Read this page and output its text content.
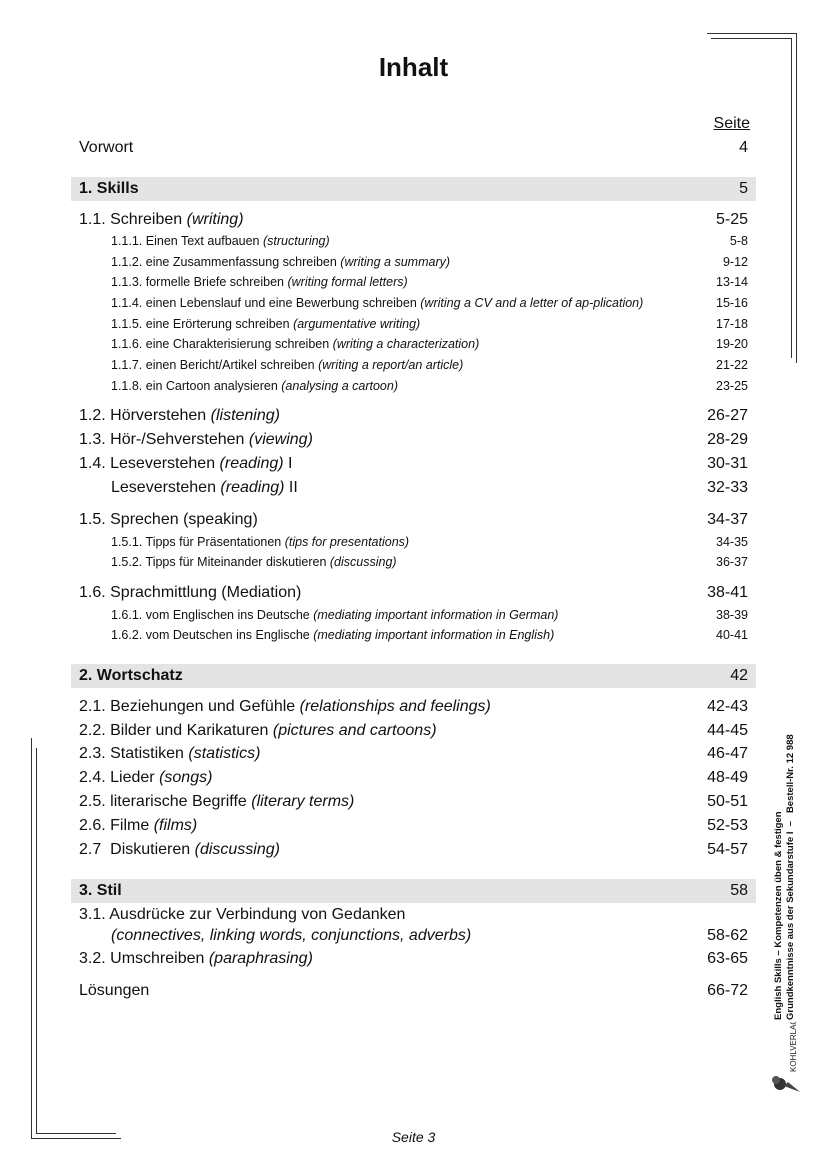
Inhalt
Seite
Vorwort	4
1. Skills	5
1.1. Schreiben (writing)	5-25
1.1.1. Einen Text aufbauen (structuring)	5-8
1.1.2. eine Zusammenfassung schreiben (writing a summary)	9-12
1.1.3. formelle Briefe schreiben (writing formal letters)	13-14
1.1.4. einen Lebenslauf und eine Bewerbung schreiben (writing a CV and a letter of ap-plication)	15-16
1.1.5. eine Erörterung schreiben (argumentative writing)	17-18
1.1.6. eine Charakterisierung schreiben (writing a characterization)	19-20
1.1.7. einen Bericht/Artikel schreiben (writing a report/an article)	21-22
1.1.8. ein Cartoon analysieren (analysing a cartoon)	23-25
1.2. Hörverstehen (listening)	26-27
1.3. Hör-/Sehverstehen (viewing)	28-29
1.4. Leseverstehen (reading) I	30-31
Leseverstehen (reading) II	32-33
1.5. Sprechen (speaking)	34-37
1.5.1. Tipps für Präsentationen (tips for presentations)	34-35
1.5.2. Tipps für Miteinander diskutieren (discussing)	36-37
1.6. Sprachmittlung (Mediation)	38-41
1.6.1. vom Englischen ins Deutsche (mediating important information in German)	38-39
1.6.2. vom Deutschen ins Englische (mediating important information in English)	40-41
2. Wortschatz	42
2.1. Beziehungen und Gefühle (relationships and feelings)	42-43
2.2. Bilder und Karikaturen (pictures and cartoons)	44-45
2.3. Statistiken (statistics)	46-47
2.4. Lieder (songs)	48-49
2.5. literarische Begriffe (literary terms)	50-51
2.6. Filme (films)	52-53
2.7  Diskutieren (discussing)	54-57
3. Stil	58
3.1. Ausdrücke zur Verbindung von Gedanken
(connectives, linking words, conjunctions, adverbs)	58-62
3.2. Umschreiben (paraphrasing)	63-65
Lösungen	66-72	English Skills – Kompetenzen üben & festigen Grundkenntnisse aus der Sekundarstufe I  –   Bestell-Nr. 12 988
KOHLVERLAG
Seite 3
